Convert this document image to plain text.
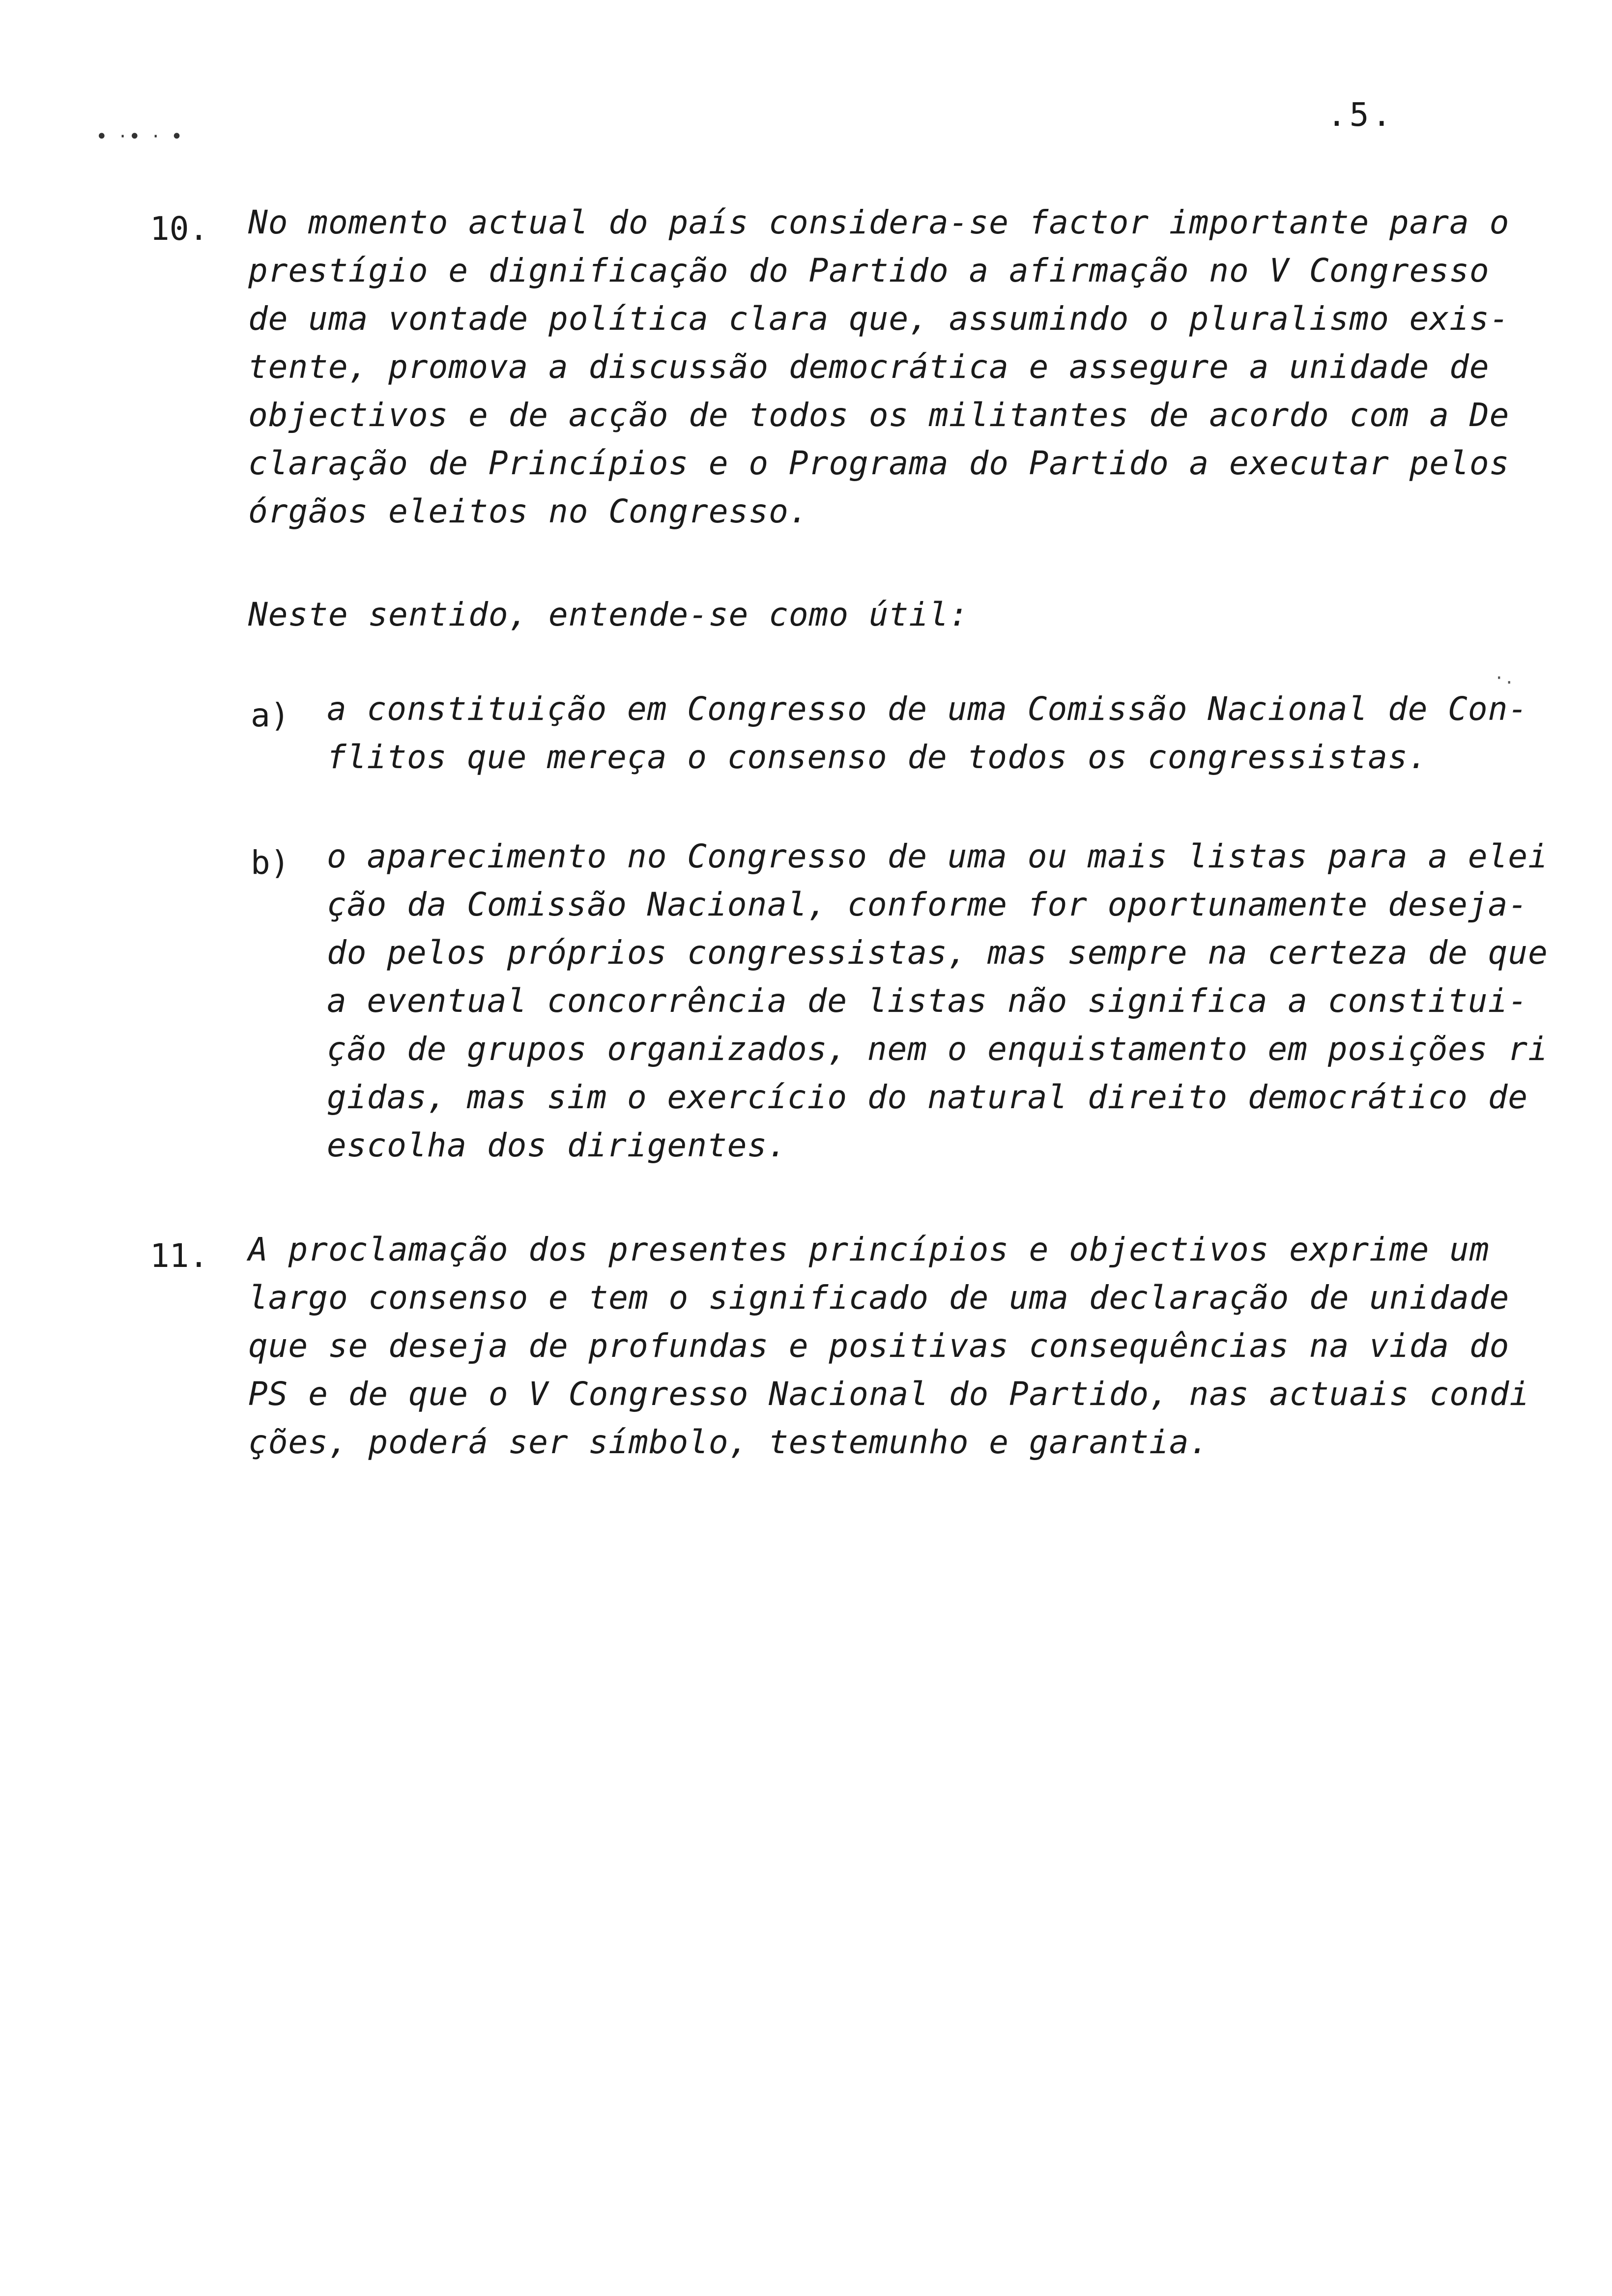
• ·• · •
.5.
10. No momento actual do país considera-se factor importante para o
prestígio e dignificação do Partido a afirmação no V Congresso
de uma vontade política clara que, assumindo o pluralismo exis-
tente, promova a discussão democrática e assegure a unidade de
objectivos e de acção de todos os militantes de acordo com a De
claração de Princípios e o Programa do Partido a executar pelos
órgãos eleitos no Congresso.
Neste sentido, entende-se como útil:
·.
a) a constituição em Congresso de uma Comissão Nacional de Con-
flitos que mereça o consenso de todos os congressistas.
b) o aparecimento no Congresso de uma ou mais listas para a elei
ção da Comissão Nacional, conforme for oportunamente deseja-
do pelos próprios congressistas, mas sempre na certeza de que
a eventual concorrência de listas não significa a constitui-
ção de grupos organizados, nem o enquistamento em posições ri
gidas, mas sim o exercício do natural direito democrático de
escolha dos dirigentes.
11. A proclamação dos presentes princípios e objectivos exprime um
largo consenso e tem o significado de uma declaração de unidade
que se deseja de profundas e positivas consequências na vida do
PS e de que o V Congresso Nacional do Partido, nas actuais condi
ções, poderá ser símbolo, testemunho e garantia.
